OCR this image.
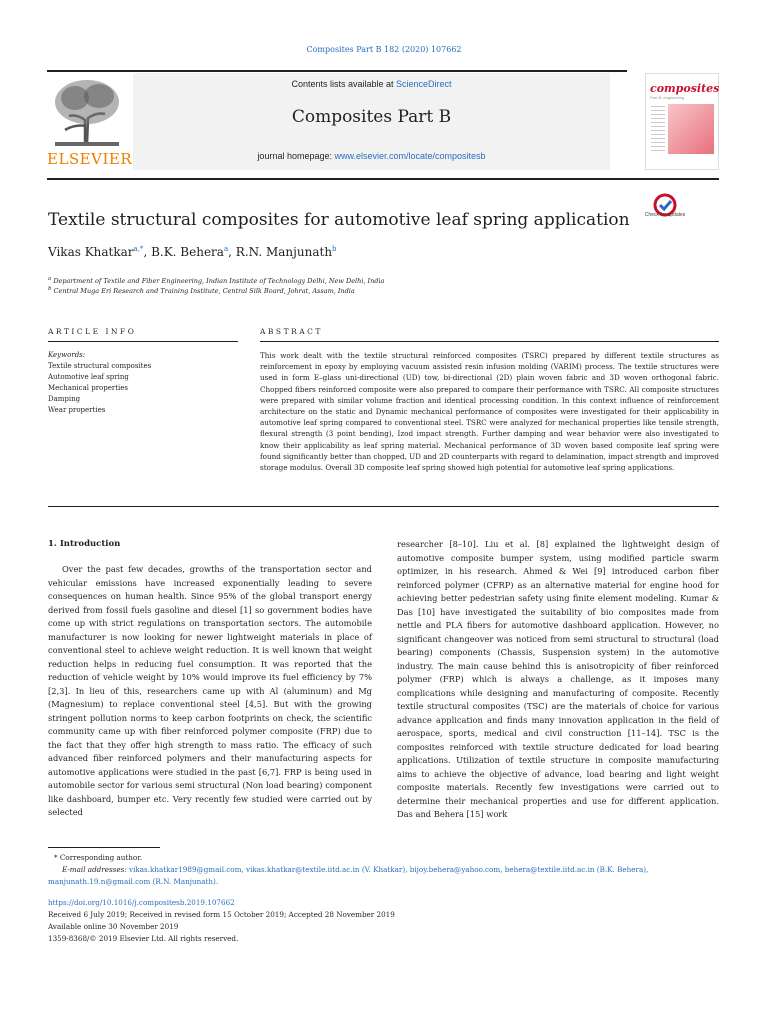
Composites Part B 182 (2020) 107662
ELSEVIER
Contents lists available at ScienceDirect
Composites Part B
journal homepage: www.elsevier.com/locate/compositesb
composites
Part B: engineering
Textile structural composites for automotive leaf spring application	Check for updates
Vikas Khatkar$^{a,*}$, B.K. Behera$^a$, R.N. Manjunath$^b$
$^a$ Department of Textile and Fiber Engineering, Indian Institute of Technology Delhi, New Delhi, India
$^b$ Central Muga Eri Research and Training Institute, Central Silk Board, Johrat, Assam, India
ARTICLE INFO
Keywords:
Textile structural composites
Automotive leaf spring
Mechanical properties
Damping
Wear properties
ABSTRACT
This work dealt with the textile structural reinforced composites (TSRC) prepared by different textile structures as reinforcement in epoxy by employing vacuum assisted resin infusion molding (VARIM) process. The textile structures were used in form E–glass uni-directional (UD) tow, bi-directional (2D) plain woven fabric and 3D woven orthogonal fabric. Chopped fibers reinforced composite were also prepared to compare their performance with TSRC. All composite structures were prepared with similar volume fraction and identical processing condition. In this context influence of reinforcement architecture on the static and Dynamic mechanical performance of composites were investigated for their applicability in automotive leaf spring compared to conventional steel. TSRC were analyzed for mechanical properties like tensile strength, flexural strength (3 point bending), Izod impact strength. Further damping and wear behavior were also investigated to know their applicability as leaf spring material. Mechanical performance of 3D woven based composite leaf spring were found significantly better than chopped, UD and 2D counterparts with regard to delamination, impact strength and improved storage modulus. Overall 3D composite leaf spring showed high potential for automotive leaf spring applications.
1. Introduction
Over the past few decades, growths of the transportation sector and vehicular emissions have increased exponentially leading to severe consequences on human health. Since 95% of the global transport energy derived from fossil fuels gasoline and diesel [1] so government bodies have come up with strict regulations on transportation sectors. The automobile manufacturer is now looking for newer lightweight materials in place of conventional steel to achieve weight reduction. It is well known that weight reduction helps in reducing fuel consumption. It was reported that the reduction of vehicle weight by 10% would improve its fuel efficiency by 7% [2,3]. In lieu of this, researchers came up with Al (aluminum) and Mg (Magnesium) to replace conventional steel [4,5]. But with the growing stringent pollution norms to keep carbon footprints on check, the scientific community came up with fiber reinforced polymer composite (FRP) due to the fact that they offer high strength to mass ratio. The efficacy of such advanced fiber reinforced polymers and their manufacturing aspects for automotive applications were studied in the past [6,7]. FRP is being used in automobile sector for various semi structural (Non load bearing) component like dashboard, bumper etc. Very recently few studied were carried out by selected
researcher [8–10]. Liu et al. [8] explained the lightweight design of automotive composite bumper system, using modified particle swarm optimizer, in his research. Ahmed & Wei [9] introduced carbon fiber reinforced polymer (CFRP) as an alternative material for engine hood for achieving better pedestrian safety using finite element modeling. Kumar & Das [10] have investigated the suitability of bio composites made from nettle and PLA fibers for automotive dashboard application. However, no significant changeover was noticed from semi structural to structural (load bearing) components (Chassis, Suspension system) in the automotive industry. The main cause behind this is anisotropicity of fiber reinforced polymer (FRP) which is always a challenge, as it imposes many complications while designing and manufacturing of composite. Recently textile structural composites (TSC) are the materials of choice for various advance application and finds many innovation application in the field of aerospace, sports, medical and civil construction [11–14]. TSC is the composites reinforced with textile structure dedicated for load bearing applications. Utilization of textile structure in composite manufacturing aims to achieve the objective of advance, load bearing and light weight composite materials. Recently few investigations were carried out to determine their mechanical properties and use for different application. Das and Behera [15] work
* Corresponding author.
E-mail addresses: vikas.khatkar1989@gmail.com, vikas.khatkar@textile.iitd.ac.in (V. Khatkar), bijoy.behera@yahoo.com, behera@textile.iitd.ac.in (B.K. Behera),
manjunath.19.n@gmail.com (R.N. Manjunath).
https://doi.org/10.1016/j.compositesb.2019.107662
Received 6 July 2019; Received in revised form 15 October 2019; Accepted 28 November 2019
Available online 30 November 2019
1359-8368/© 2019 Elsevier Ltd. All rights reserved.
